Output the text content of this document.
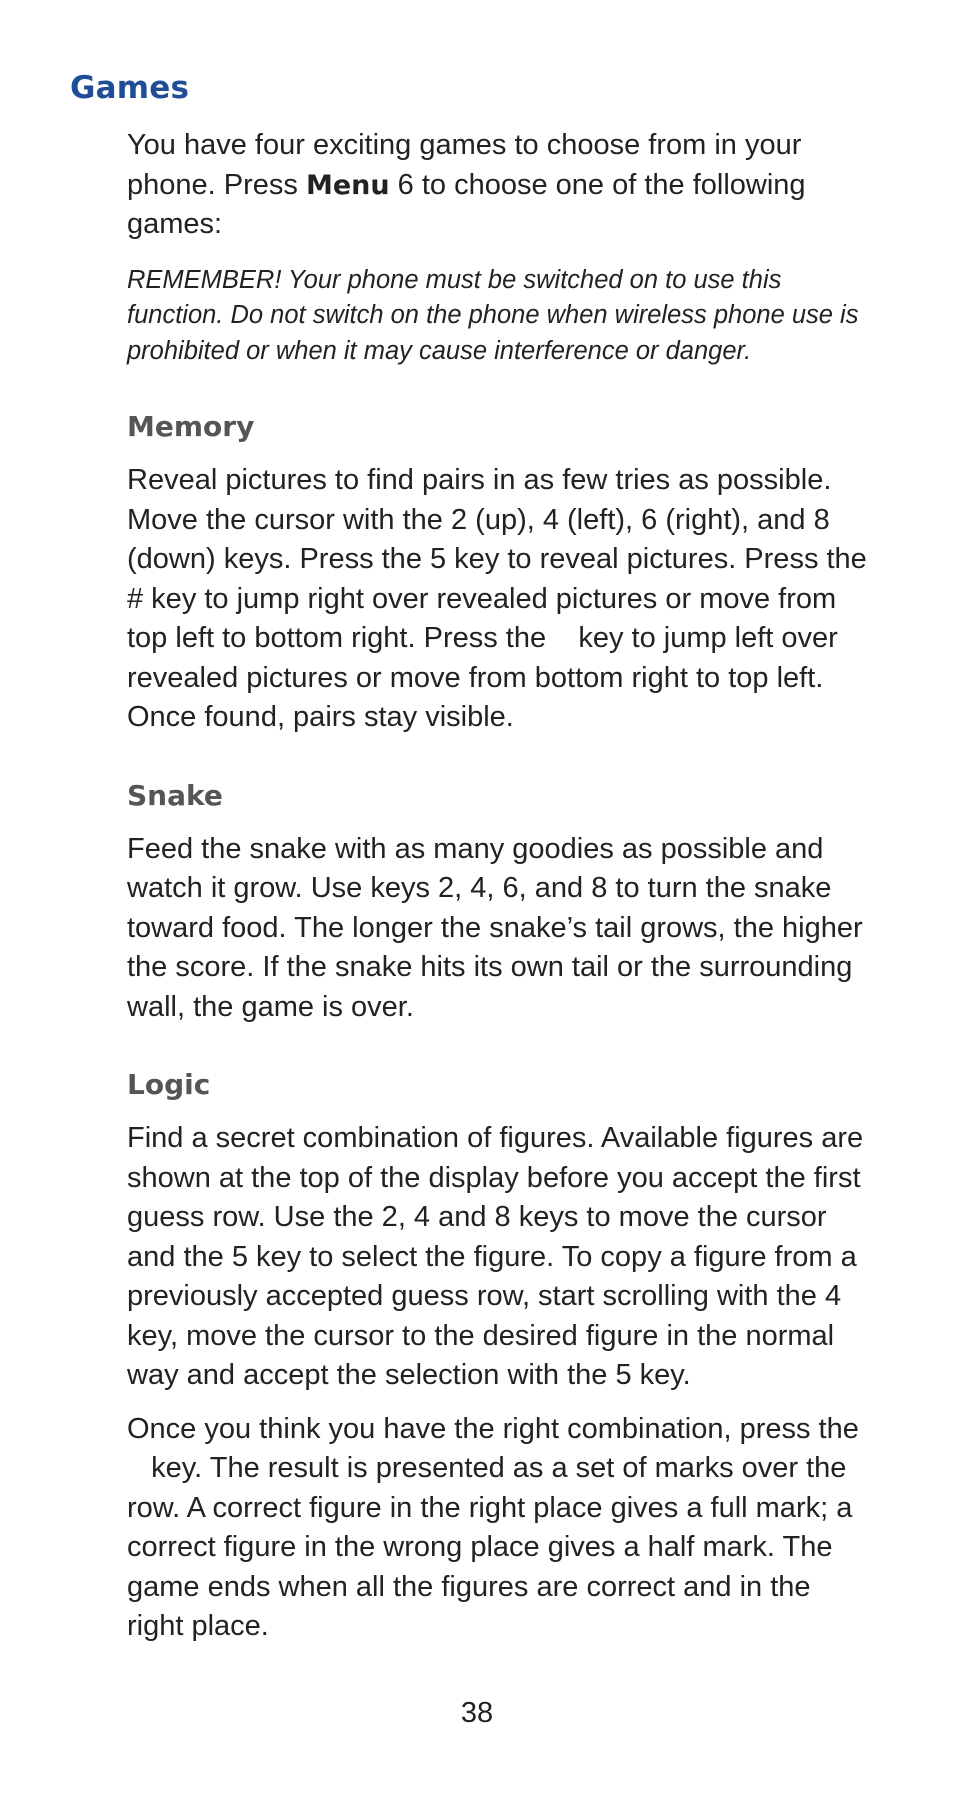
Games

You have four exciting games to choose from in your phone. Press Menu 6 to choose one of the following games:

REMEMBER! Your phone must be switched on to use this function. Do not switch on the phone when wireless phone use is prohibited or when it may cause interference or danger.

Memory

Reveal pictures to find pairs in as few tries as possible. Move the cursor with the 2 (up), 4 (left), 6 (right), and 8 (down) keys. Press the 5 key to reveal pictures. Press the # key to jump right over revealed pictures or move from top left to bottom right. Press the    key to jump left over revealed pictures or move from bottom right to top left. Once found, pairs stay visible.

Snake

Feed the snake with as many goodies as possible and watch it grow. Use keys 2, 4, 6, and 8 to turn the snake toward food. The longer the snake’s tail grows, the higher the score. If the snake hits its own tail or the surrounding wall, the game is over.

Logic

Find a secret combination of figures. Available figures are shown at the top of the display before you accept the first guess row. Use the 2, 4 and 8 keys to move the cursor and the 5 key to select the figure. To copy a figure from a previously accepted guess row, start scrolling with the 4 key, move the cursor to the desired figure in the normal way and accept the selection with the 5 key.

Once you think you have the right combination, press the    key. The result is presented as a set of marks over the row. A correct figure in the right place gives a full mark; a correct figure in the wrong place gives a half mark. The game ends when all the figures are correct and in the right place.

38
